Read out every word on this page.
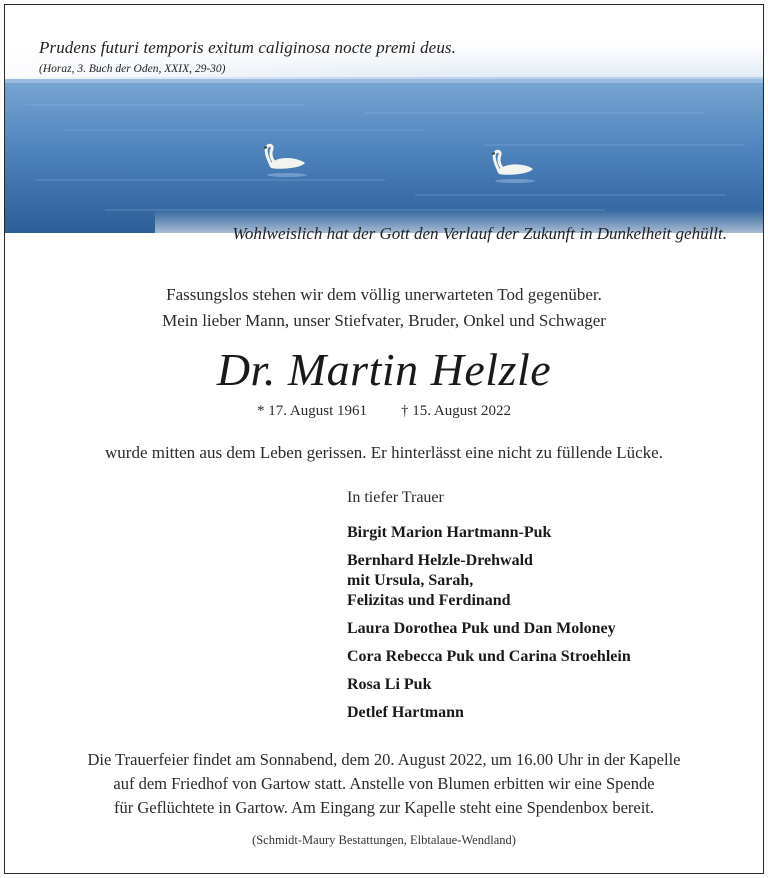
Prudens futuri temporis exitum caliginosa nocte premi deus.
(Horaz, 3. Buch der Oden, XXIX, 29-30)
Wohlweislich hat der Gott den Verlauf der Zukunft in Dunkelheit gehüllt.
Fassungslos stehen wir dem völlig unerwarteten Tod gegenüber.
Mein lieber Mann, unser Stiefvater, Bruder, Onkel und Schwager
Dr. Martin Helzle
* 17. August 1961 † 15. August 2022
wurde mitten aus dem Leben gerissen. Er hinterlässt eine nicht zu füllende Lücke.
In tiefer Trauer
Birgit Marion Hartmann-Puk
Bernhard Helzle-Drehwald
mit Ursula, Sarah,
Felizitas und Ferdinand
Laura Dorothea Puk und Dan Moloney
Cora Rebecca Puk und Carina Stroehlein
Rosa Li Puk
Detlef Hartmann
Die Trauerfeier findet am Sonnabend, dem 20. August 2022, um 16.00 Uhr in der Kapelle
auf dem Friedhof von Gartow statt. Anstelle von Blumen erbitten wir eine Spende
für Geflüchtete in Gartow. Am Eingang zur Kapelle steht eine Spendenbox bereit.
(Schmidt-Maury Bestattungen, Elbtalaue-Wendland)
